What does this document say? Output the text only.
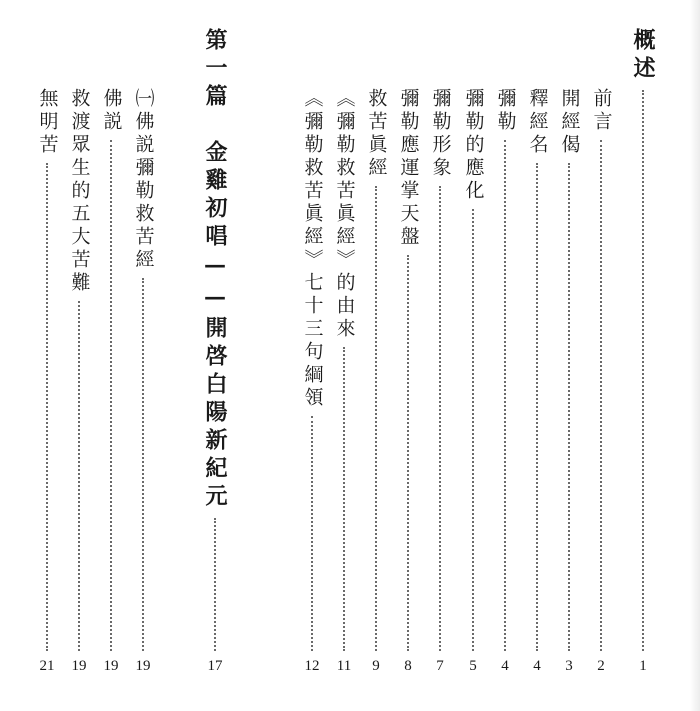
概述
1
前言
2
開經偈
3
釋經名
4
彌勒
4
彌勒的應化
5
彌勒形象
7
彌勒應運掌天盤
8
救苦眞經
9
《彌勒救苦眞經》的由來
11
《彌勒救苦眞經》七十三句綱領
12
第一篇　金雞初唱——開啓白陽新紀元
17
㈠佛説彌勒救苦經
19
佛説
19
救渡眾生的五大苦難
19
無明苦
21
